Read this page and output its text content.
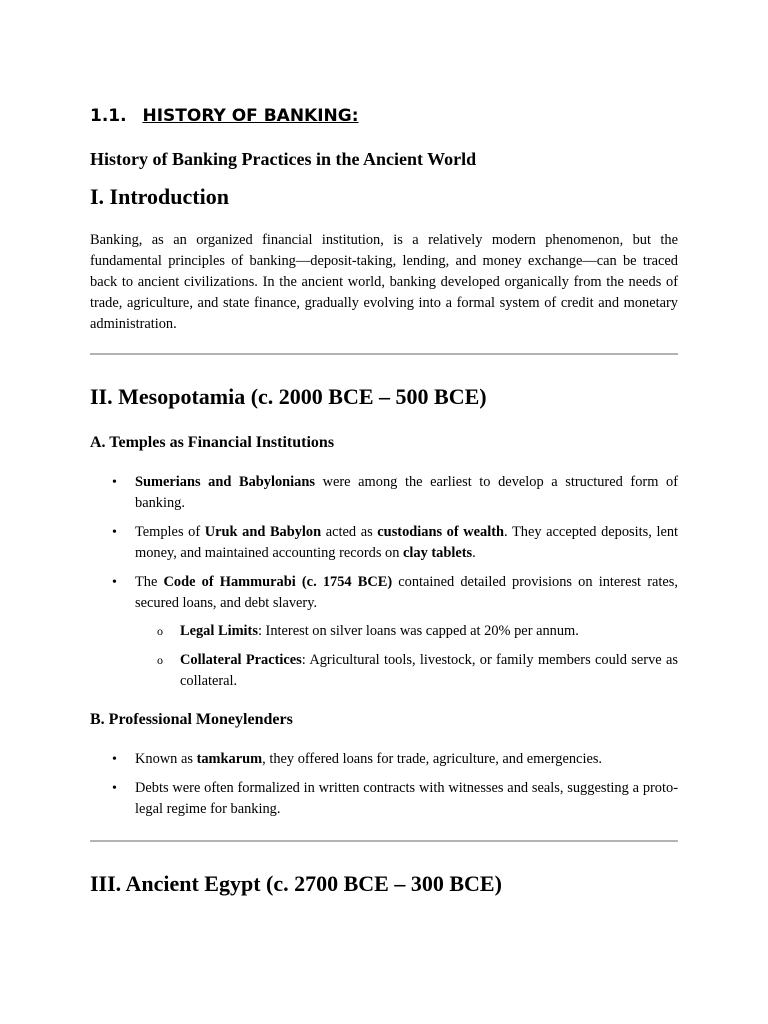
1.1. HISTORY OF BANKING:
History of Banking Practices in the Ancient World
I. Introduction

Banking, as an organized financial institution, is a relatively modern phenomenon, but the fundamental principles of banking—deposit-taking, lending, and money exchange—can be traced back to ancient civilizations. In the ancient world, banking developed organically from the needs of trade, agriculture, and state finance, gradually evolving into a formal system of credit and monetary administration.

II. Mesopotamia (c. 2000 BCE – 500 BCE)
A. Temples as Financial Institutions
• Sumerians and Babylonians were among the earliest to develop a structured form of banking.
• Temples of Uruk and Babylon acted as custodians of wealth. They accepted deposits, lent money, and maintained accounting records on clay tablets.
• The Code of Hammurabi (c. 1754 BCE) contained detailed provisions on interest rates, secured loans, and debt slavery.
o Legal Limits: Interest on silver loans was capped at 20% per annum.
o Collateral Practices: Agricultural tools, livestock, or family members could serve as collateral.
B. Professional Moneylenders
• Known as tamkarum, they offered loans for trade, agriculture, and emergencies.
• Debts were often formalized in written contracts with witnesses and seals, suggesting a proto-legal regime for banking.
III. Ancient Egypt (c. 2700 BCE – 300 BCE)
